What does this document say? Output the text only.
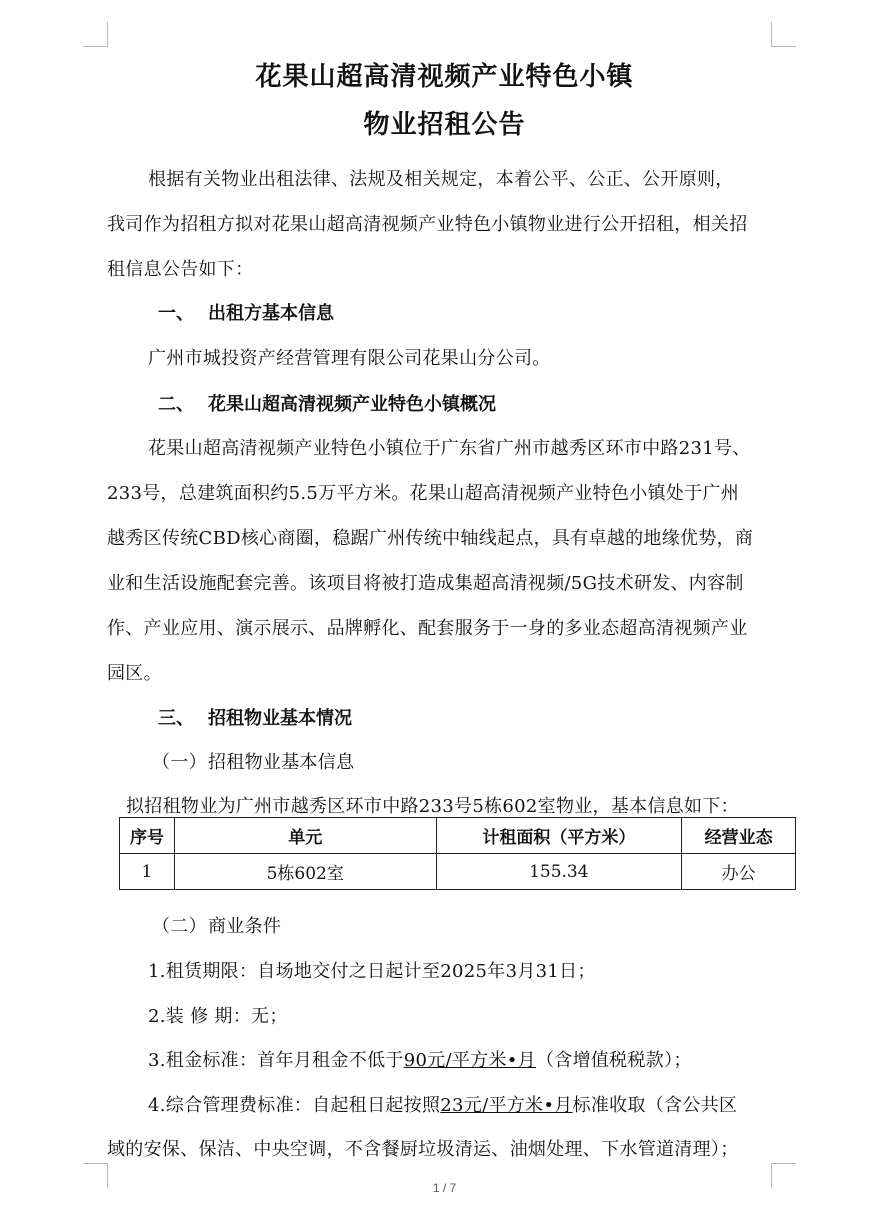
花果山超高清视频产业特色小镇
物业招租公告
根据有关物业出租法律、法规及相关规定，本着公平、公正、公开原则，
我司作为招租方拟对花果山超高清视频产业特色小镇物业进行公开招租，相关招
租信息公告如下：
一、 出租方基本信息
广州市城投资产经营管理有限公司花果山分公司。
二、 花果山超高清视频产业特色小镇概况
花果山超高清视频产业特色小镇位于广东省广州市越秀区环市中路231号、
233号，总建筑面积约5.5万平方米。花果山超高清视频产业特色小镇处于广州
越秀区传统CBD核心商圈，稳踞广州传统中轴线起点，具有卓越的地缘优势，商
业和生活设施配套完善。该项目将被打造成集超高清视频/5G技术研发、内容制
作、产业应用、演示展示、品牌孵化、配套服务于一身的多业态超高清视频产业
园区。
三、 招租物业基本情况
（一）招租物业基本信息
拟招租物业为广州市越秀区环市中路233号5栋602室物业，基本信息如下：
序号	单元	计租面积（平方米）	经营业态
1	5栋602室	155.34	办公
（二）商业条件
1.租赁期限：自场地交付之日起计至2025年3月31日；
2.装 修 期：无；
3.租金标准：首年月租金不低于90元/平方米•月（含增值税税款）；
4.综合管理费标准：自起租日起按照23元/平方米•月标准收取（含公共区
域的安保、保洁、中央空调，不含餐厨垃圾清运、油烟处理、下水管道清理）；
1 / 7
